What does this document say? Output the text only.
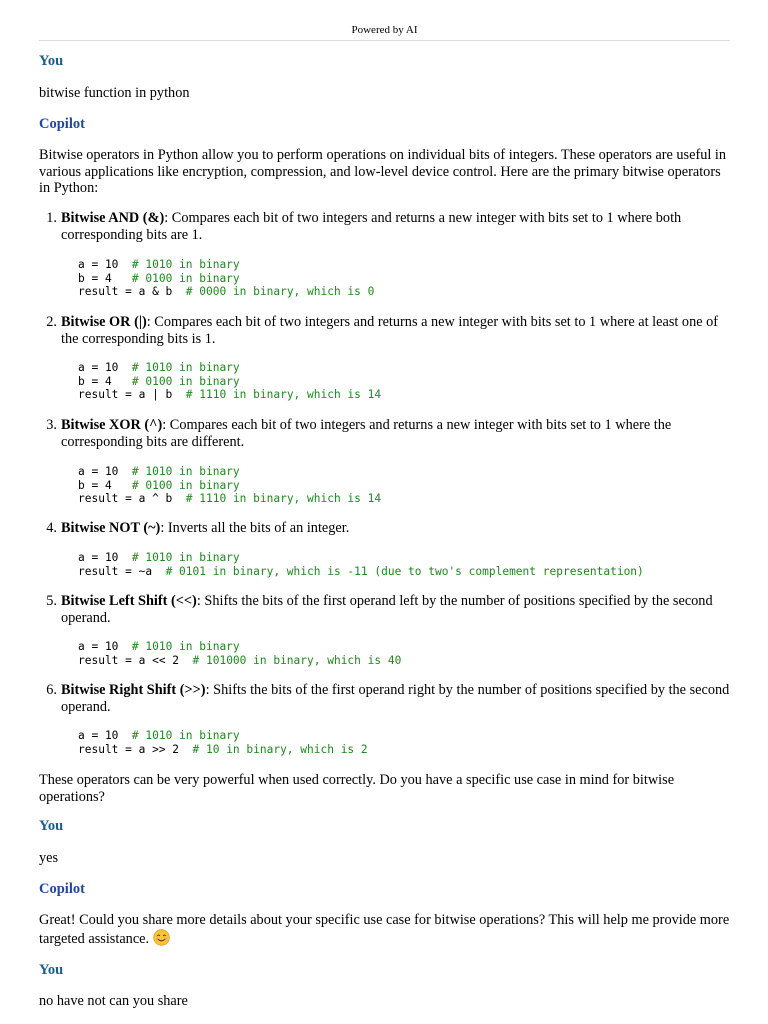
Powered by AI
You
bitwise function in python
Copilot
Bitwise operators in Python allow you to perform operations on individual bits of integers. These operators are useful in various applications like encryption, compression, and low-level device control. Here are the primary bitwise operators in Python:
1. Bitwise AND (&): Compares each bit of two integers and returns a new integer with bits set to 1 where both corresponding bits are 1.
a = 10  # 1010 in binary
b = 4   # 0100 in binary
result = a & b  # 0000 in binary, which is 0
2. Bitwise OR (|): Compares each bit of two integers and returns a new integer with bits set to 1 where at least one of the corresponding bits is 1.
a = 10  # 1010 in binary
b = 4   # 0100 in binary
result = a | b  # 1110 in binary, which is 14
3. Bitwise XOR (^): Compares each bit of two integers and returns a new integer with bits set to 1 where the corresponding bits are different.
a = 10  # 1010 in binary
b = 4   # 0100 in binary
result = a ^ b  # 1110 in binary, which is 14
4. Bitwise NOT (~): Inverts all the bits of an integer.
a = 10  # 1010 in binary
result = ~a  # 0101 in binary, which is -11 (due to two's complement representation)
5. Bitwise Left Shift (<<): Shifts the bits of the first operand left by the number of positions specified by the second operand.
a = 10  # 1010 in binary
result = a << 2  # 101000 in binary, which is 40
6. Bitwise Right Shift (>>): Shifts the bits of the first operand right by the number of positions specified by the second operand.
a = 10  # 1010 in binary
result = a >> 2  # 10 in binary, which is 2
These operators can be very powerful when used correctly. Do you have a specific use case in mind for bitwise operations?
You
yes
Copilot
Great! Could you share more details about your specific use case for bitwise operations? This will help me provide more targeted assistance.
You
no have not can you share
